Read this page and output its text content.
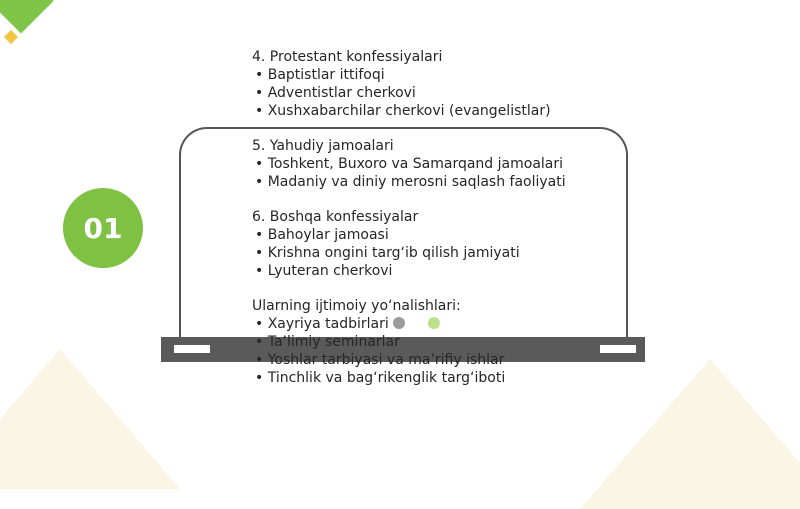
01
4. Protestant konfessiyalari
• Baptistlar ittifoqi
• Adventistlar cherkovi
• Xushxabarchilar cherkovi (evangelistlar)
5. Yahudiy jamoalari
• Toshkent, Buxoro va Samarqand jamoalari
• Madaniy va diniy merosni saqlash faoliyati
6. Boshqa konfessiyalar
• Bahoylar jamoasi
• Krishna ongini targ‘ib qilish jamiyati
• Lyuteran cherkovi
Ularning ijtimoiy yo‘nalishlari:
• Xayriya tadbirlari
• Ta’limiy seminarlar
• Yoshlar tarbiyasi va ma’rifiy ishlar
• Tinchlik va bag‘rikenglik targ‘iboti
